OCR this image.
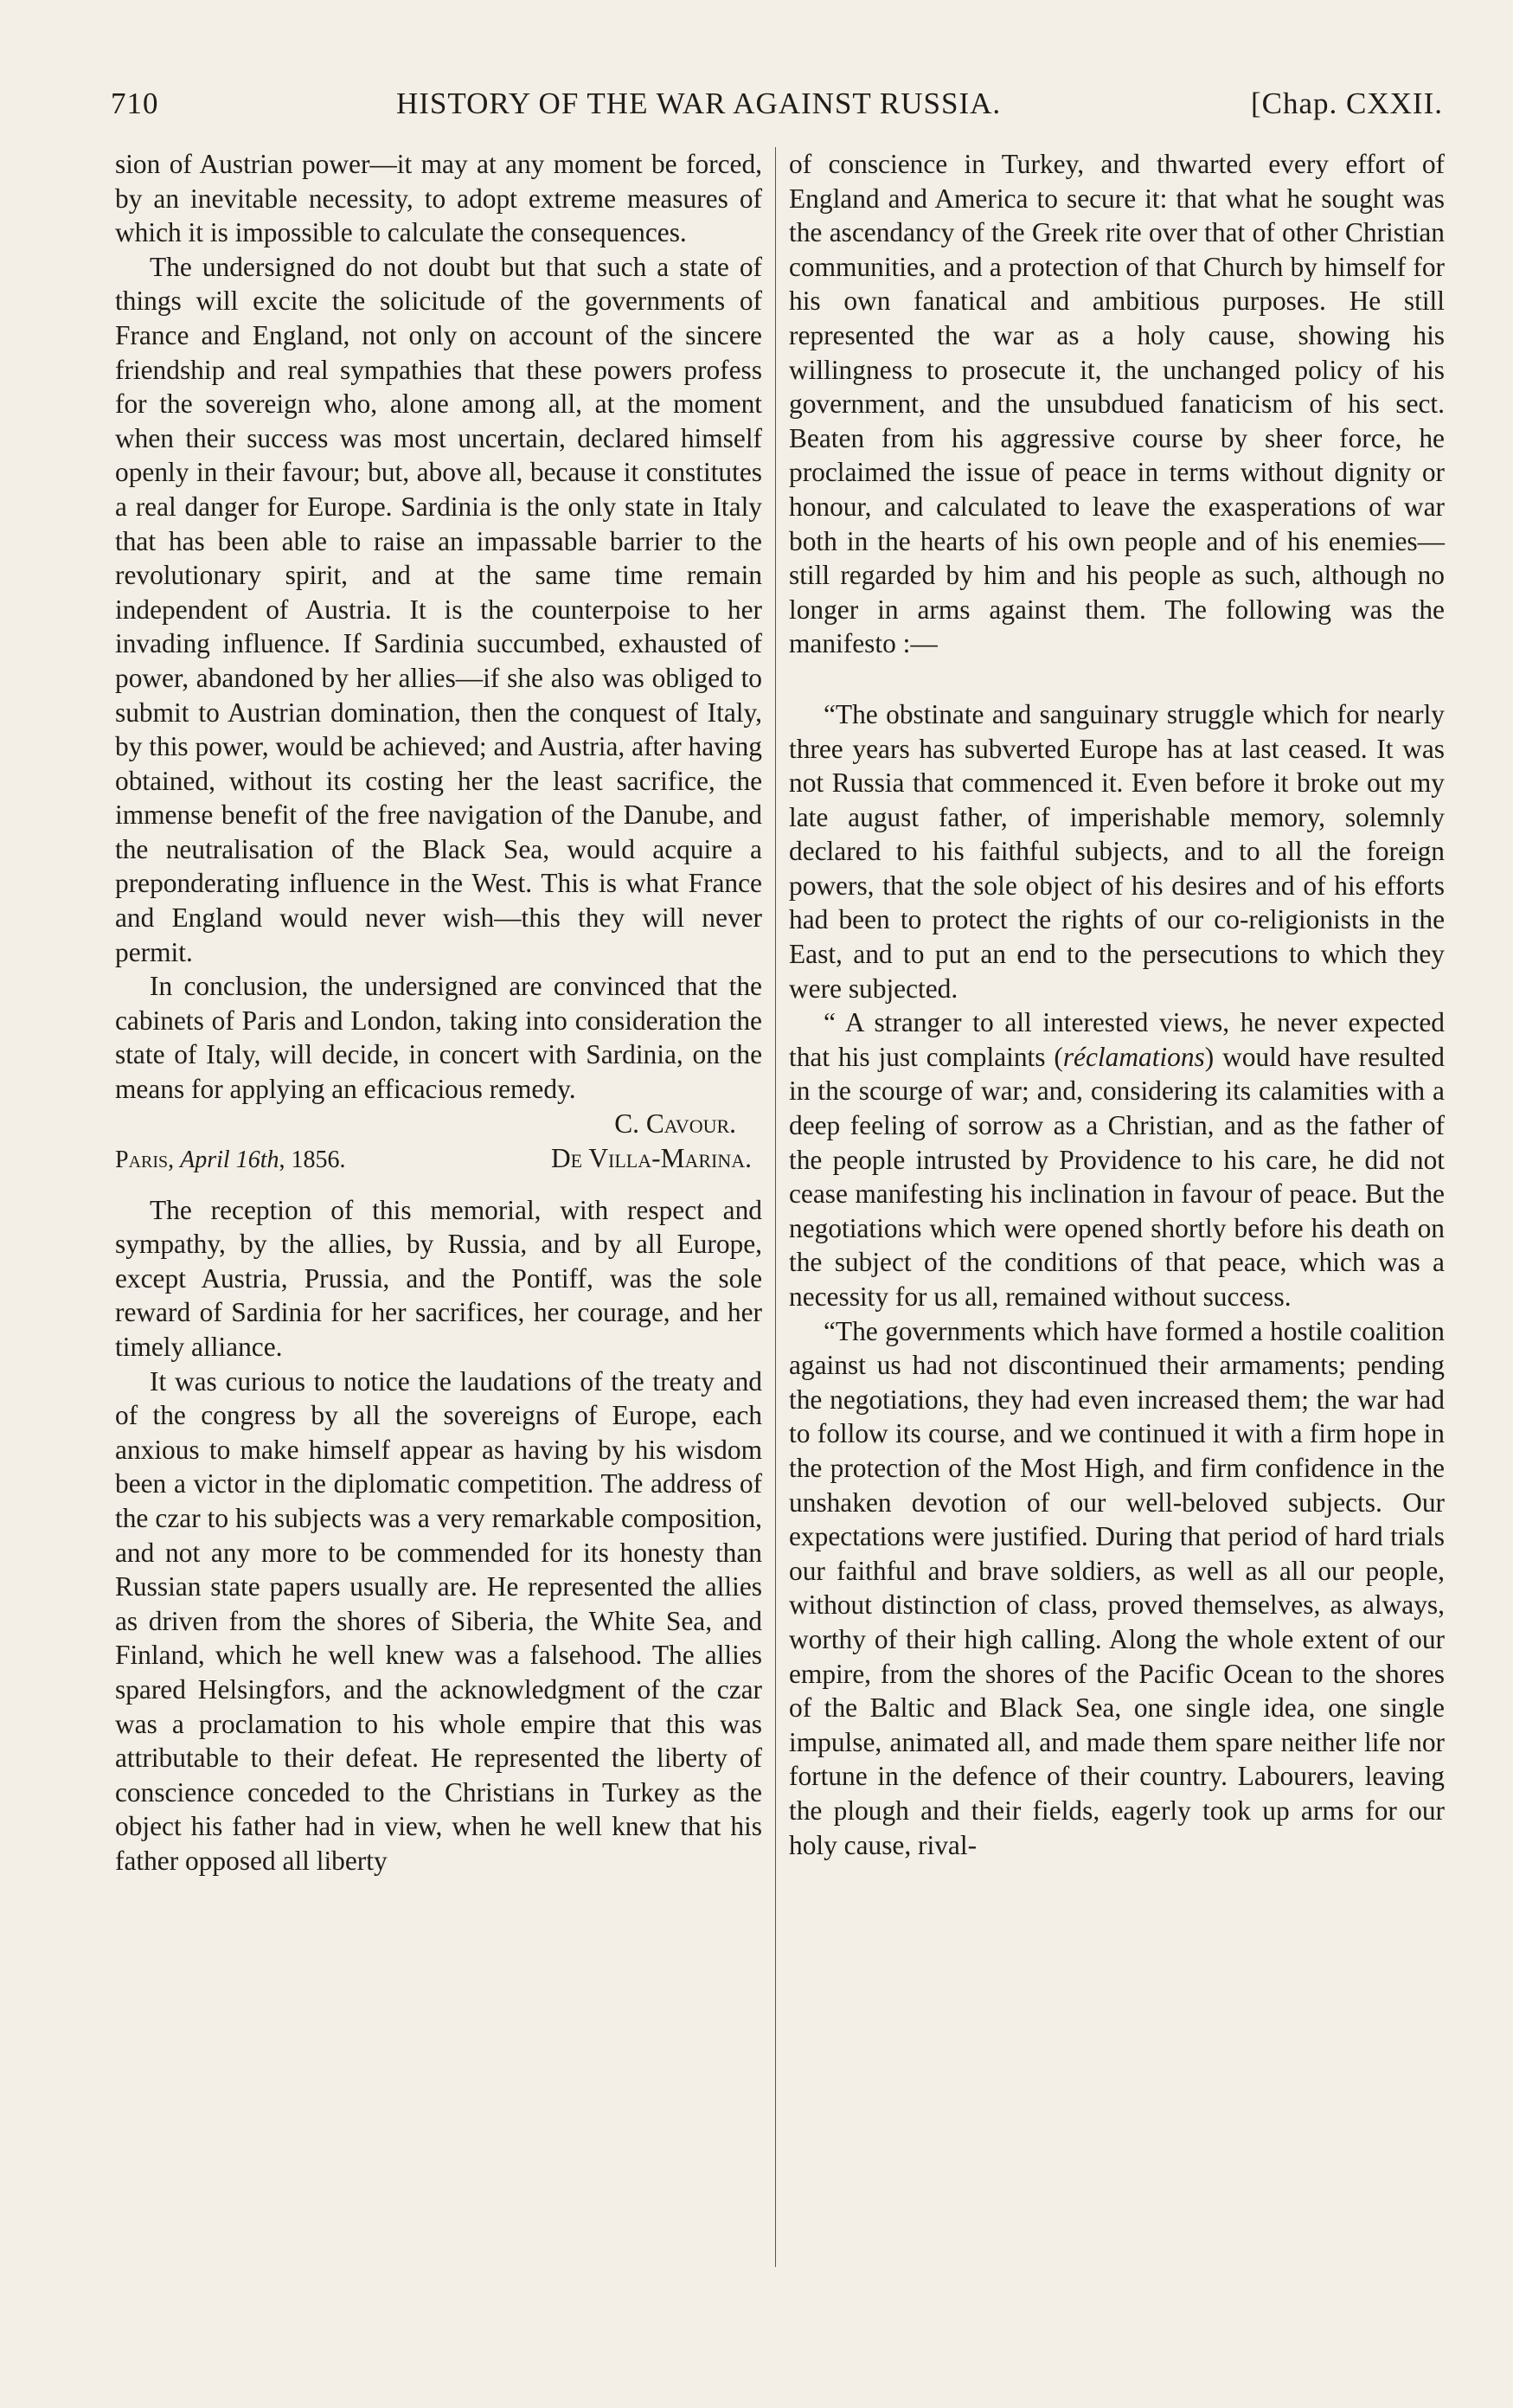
710	HISTORY OF THE WAR AGAINST RUSSIA.	[Chap. CXXII.

sion of Austrian power—it may at any moment be forced, by an inevitable necessity, to adopt extreme measures of which it is impossible to calculate the consequences.

The undersigned do not doubt but that such a state of things will excite the solicitude of the governments of France and England, not only on account of the sincere friendship and real sympathies that these powers profess for the sovereign who, alone among all, at the moment when their success was most uncertain, declared himself openly in their favour; but, above all, because it constitutes a real danger for Europe. Sardinia is the only state in Italy that has been able to raise an impassable barrier to the revolutionary spirit, and at the same time remain independent of Austria. It is the counterpoise to her invading influence. If Sardinia succumbed, exhausted of power, abandoned by her allies—if she also was obliged to submit to Austrian domination, then the conquest of Italy, by this power, would be achieved; and Austria, after having obtained, without its costing her the least sacrifice, the immense benefit of the free navigation of the Danube, and the neutralisation of the Black Sea, would acquire a preponderating influence in the West. This is what France and England would never wish—this they will never permit.

In conclusion, the undersigned are convinced that the cabinets of Paris and London, taking into consideration the state of Italy, will decide, in concert with Sardinia, on the means for applying an efficacious remedy.

C. Cavour.
Paris, April 16th, 1856.	De Villa-Marina.

The reception of this memorial, with respect and sympathy, by the allies, by Russia, and by all Europe, except Austria, Prussia, and the Pontiff, was the sole reward of Sardinia for her sacrifices, her courage, and her timely alliance.

It was curious to notice the laudations of the treaty and of the congress by all the sovereigns of Europe, each anxious to make himself appear as having by his wisdom been a victor in the diplomatic competition. The address of the czar to his subjects was a very remarkable composition, and not any more to be commended for its honesty than Russian state papers usually are. He represented the allies as driven from the shores of Siberia, the White Sea, and Finland, which he well knew was a falsehood. The allies spared Helsingfors, and the acknowledgment of the czar was a proclamation to his whole empire that this was attributable to their defeat. He represented the liberty of conscience conceded to the Christians in Turkey as the object his father had in view, when he well knew that his father opposed all liberty

of conscience in Turkey, and thwarted every effort of England and America to secure it: that what he sought was the ascendancy of the Greek rite over that of other Christian communities, and a protection of that Church by himself for his own fanatical and ambitious purposes. He still represented the war as a holy cause, showing his willingness to prosecute it, the unchanged policy of his government, and the unsubdued fanaticism of his sect. Beaten from his aggressive course by sheer force, he proclaimed the issue of peace in terms without dignity or honour, and calculated to leave the exasperations of war both in the hearts of his own people and of his enemies—still regarded by him and his people as such, although no longer in arms against them. The following was the manifesto :—

“The obstinate and sanguinary struggle which for nearly three years has subverted Europe has at last ceased. It was not Russia that commenced it. Even before it broke out my late august father, of imperishable memory, solemnly declared to his faithful subjects, and to all the foreign powers, that the sole object of his desires and of his efforts had been to protect the rights of our co-religionists in the East, and to put an end to the persecutions to which they were subjected.

“ A stranger to all interested views, he never expected that his just complaints (réclamations) would have resulted in the scourge of war; and, considering its calamities with a deep feeling of sorrow as a Christian, and as the father of the people intrusted by Providence to his care, he did not cease manifesting his inclination in favour of peace. But the negotiations which were opened shortly before his death on the subject of the conditions of that peace, which was a necessity for us all, remained without success.

“The governments which have formed a hostile coalition against us had not discontinued their armaments; pending the negotiations, they had even increased them; the war had to follow its course, and we continued it with a firm hope in the protection of the Most High, and firm confidence in the unshaken devotion of our well-beloved subjects. Our expectations were justified. During that period of hard trials our faithful and brave soldiers, as well as all our people, without distinction of class, proved themselves, as always, worthy of their high calling. Along the whole extent of our empire, from the shores of the Pacific Ocean to the shores of the Baltic and Black Sea, one single idea, one single impulse, animated all, and made them spare neither life nor fortune in the defence of their country. Labourers, leaving the plough and their fields, eagerly took up arms for our holy cause, rival-
